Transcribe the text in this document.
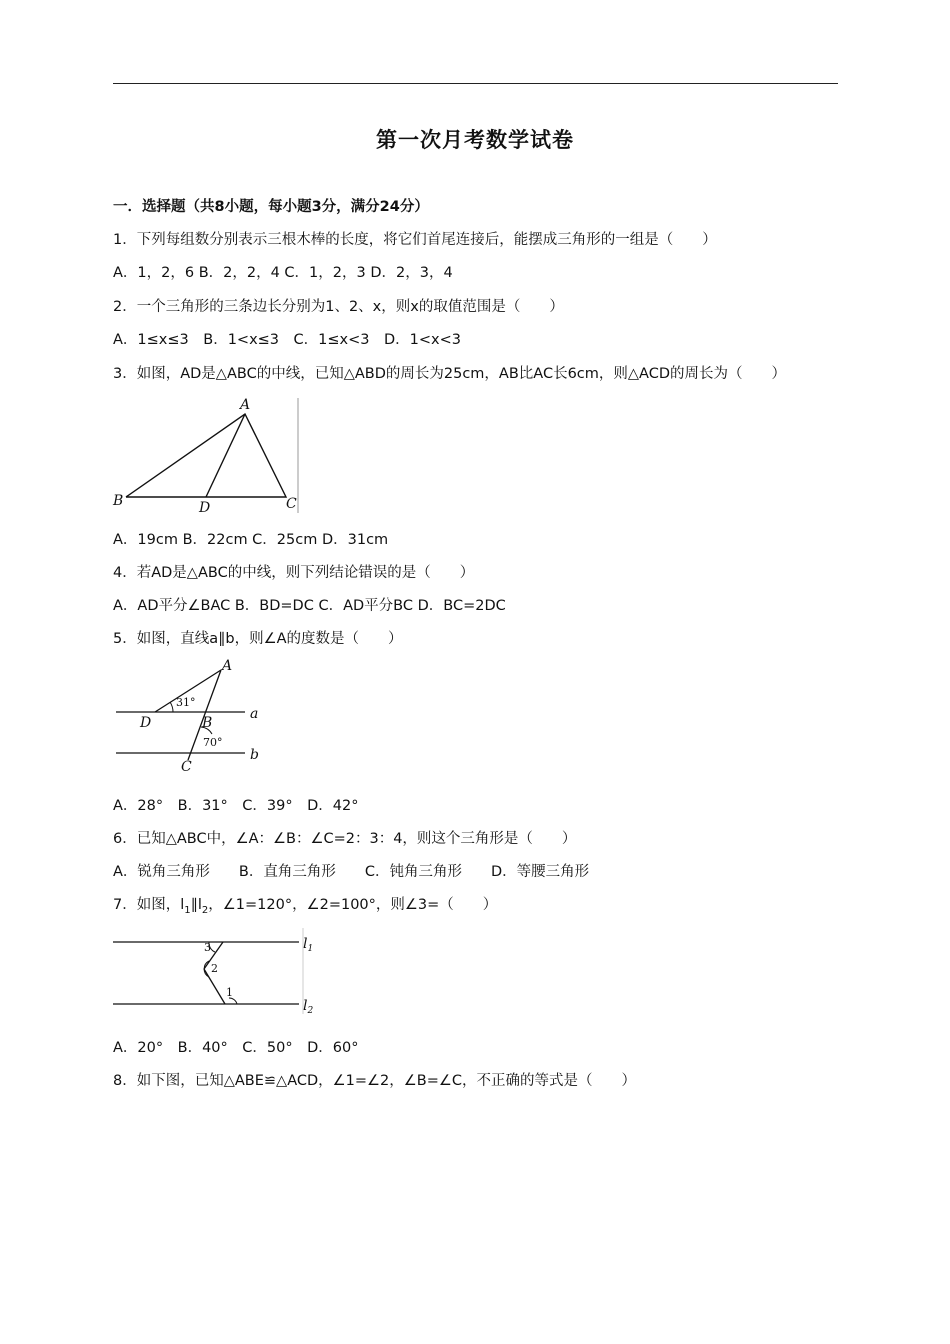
第一次月考数学试卷
一．选择题（共8小题，每小题3分，满分24分）
1．下列每组数分别表示三根木棒的长度，将它们首尾连接后，能摆成三角形的一组是（　　）
A．1，2，6 B．2，2，4 C．1，2，3 D．2，3，4
2．一个三角形的三条边长分别为1、2、x，则x的取值范围是（　　）
A．1≤x≤3　B．1<x≤3　C．1≤x<3　D．1<x<3
3．如图，AD是△ABC的中线，已知△ABD的周长为25cm，AB比AC长6cm，则△ACD的周长为（　　）
A
B	C
D
A．19cm B．22cm C．25cm D．31cm
4．若AD是△ABC的中线，则下列结论错误的是（　　）
A．AD平分∠BAC B．BD=DC C．AD平分BC D．BC=2DC
5．如图，直线a∥b，则∠A的度数是（　　）
A
B
C
D
a
b
31°
70°
A．28°　B．31°　C．39°　D．42°
6．已知△ABC中，∠A：∠B：∠C=2：3：4，则这个三角形是（　　）
A．锐角三角形　　B．直角三角形　　C．钝角三角形　　D．等腰三角形
7．如图，$l_1\parallel l_2$，∠1=120°，∠2=100°，则∠3=（　　）
$l_1$
$l_2$
3
2
1
A．20°　B．40°　C．50°　D．60°
8．如下图，已知△ABE≌△ACD，∠1=∠2，∠B=∠C，不正确的等式是（　　）
